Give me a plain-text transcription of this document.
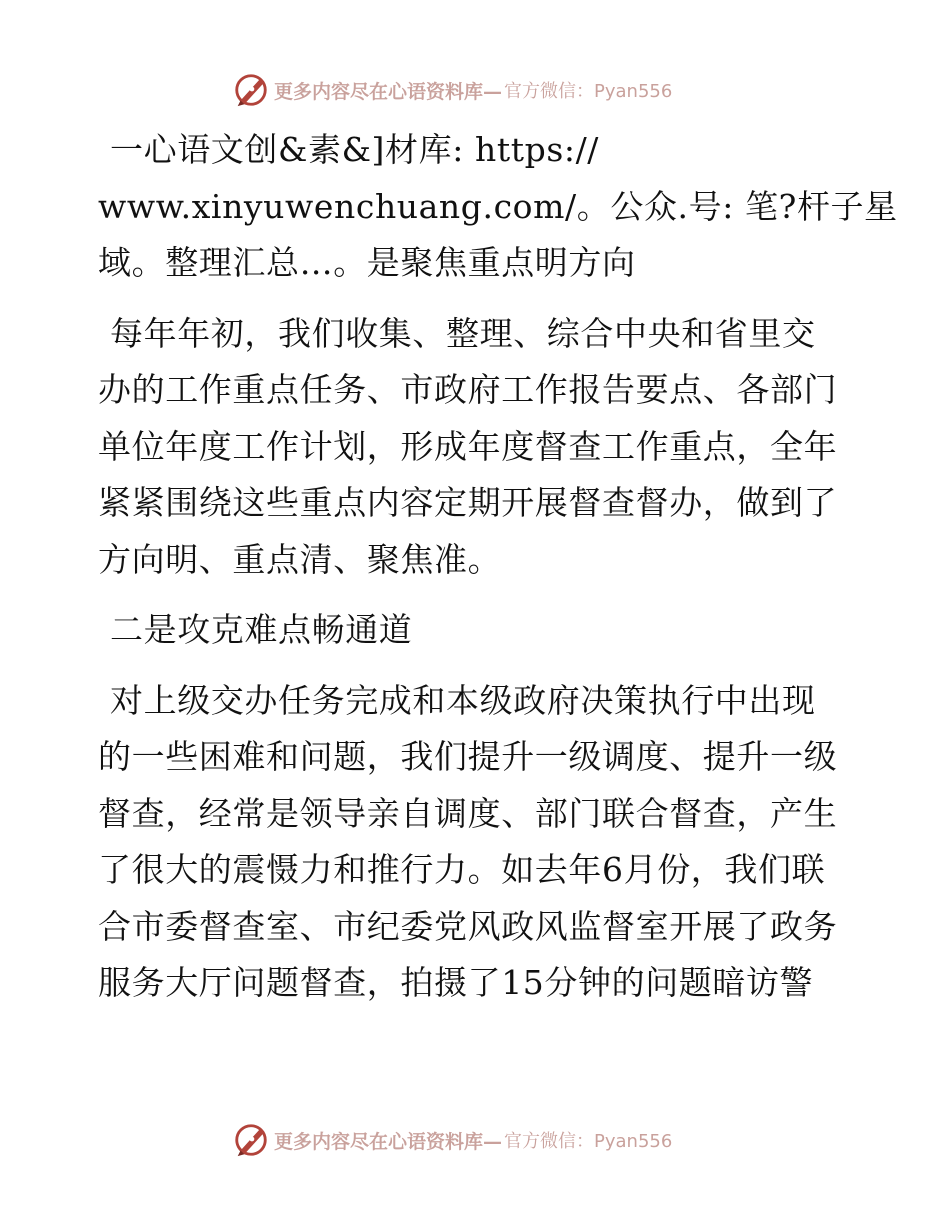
更多内容尽在心语资料库— 官方微信：Pyan556
一心语文创&素&]材库: https://
www.xinyuwenchuang.com/。公众.号: 笔?杆子星
域。整理汇总…。是聚焦重点明方向
每年年初，我们收集、整理、综合中央和省里交
办的工作重点任务、市政府工作报告要点、各部门
单位年度工作计划，形成年度督查工作重点，全年
紧紧围绕这些重点内容定期开展督查督办，做到了
方向明、重点清、聚焦准。
二是攻克难点畅通道
对上级交办任务完成和本级政府决策执行中出现
的一些困难和问题，我们提升一级调度、提升一级
督查，经常是领导亲自调度、部门联合督查，产生
了很大的震慑力和推行力。如去年6月份，我们联
合市委督查室、市纪委党风政风监督室开展了政务
服务大厅问题督查，拍摄了15分钟的问题暗访警
更多内容尽在心语资料库— 官方微信：Pyan556
